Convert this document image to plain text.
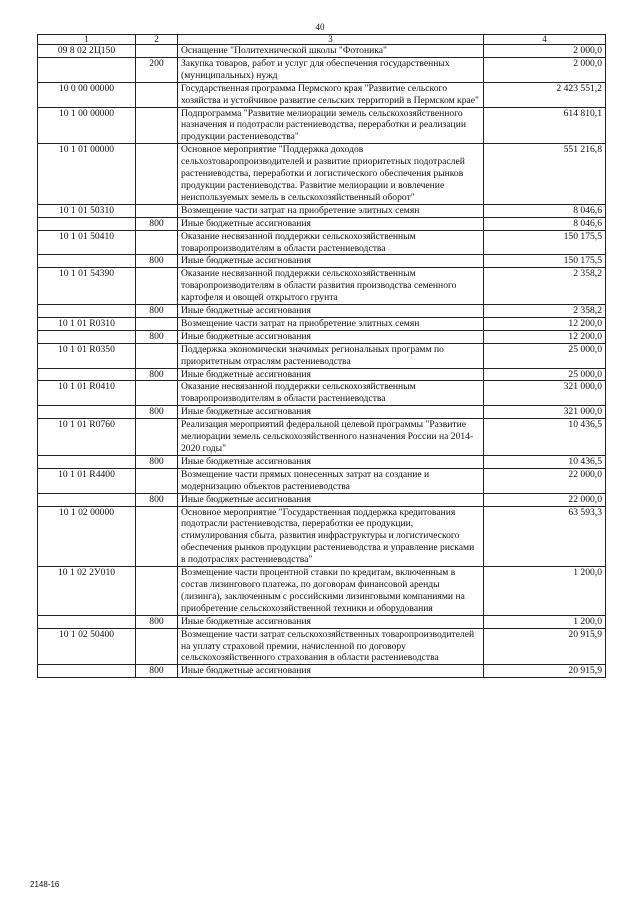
40
1	2	3	4
09 8 02 2Ц150		Оснащение "Политехнической школы "Фотоника"	2 000,0
	200	Закупка товаров, работ и услуг для обеспечения государственных (муниципальных) нужд	2 000,0
10 0 00 00000		Государственная программа Пермского края "Развитие сельского хозяйства и устойчивое развитие сельских территорий в Пермском крае"	2 423 551,2
10 1 00 00000		Подпрограмма "Развитие мелиорации земель сельскохозяйственного назначения и подотрасли растениеводства, переработки и реализации продукции растениеводства"	614 810,1
10 1 01 00000		Основное мероприятие "Поддержка доходов сельхозтоваропроизводителей и развитие приоритетных подотраслей растениеводства, переработки и логистического обеспечения рынков продукции растениеводства. Развитие мелиорации и вовлечение неиспользуемых земель в сельскохозяйственный оборот"	551 216,8
10 1 01 50310		Возмещение части затрат на приобретение элитных семян	8 046,6
	800	Иные бюджетные ассигнования	8 046,6
10 1 01 50410		Оказание несвязанной поддержки сельскохозяйственным товаропроизводителям в области растениеводства	150 175,5
	800	Иные бюджетные ассигнования	150 175,5
10 1 01 54390		Оказание несвязанной поддержки сельскохозяйственным товаропроизводителям в области развития производства семенного картофеля и овощей открытого грунта	2 358,2
	800	Иные бюджетные ассигнования	2 358,2
10 1 01 R0310		Возмещение части затрат на приобретение элитных семян	12 200,0
	800	Иные бюджетные ассигнования	12 200,0
10 1 01 R0350		Поддержка экономически значимых региональных программ по приоритетным отраслям растениеводства	25 000,0
	800	Иные бюджетные ассигнования	25 000,0
10 1 01 R0410		Оказание несвязанной поддержки сельскохозяйственным товаропроизводителям в области растениеводства	321 000,0
	800	Иные бюджетные ассигнования	321 000,0
10 1 01 R0760		Реализация мероприятий федеральной целевой программы "Развитие мелиорации земель сельскохозяйственного назначения России на 2014-2020 годы"	10 436,5
	800	Иные бюджетные ассигнования	10 436,5
10 1 01 R4400		Возмещение части прямых понесенных затрат на создание и модернизацию объектов растениеводства	22 000,0
	800	Иные бюджетные ассигнования	22 000,0
10 1 02 00000		Основное мероприятие "Государственная поддержка кредитования подотрасли растениеводства, переработки ее продукции, стимулирования сбыта, развития инфраструктуры и логистического обеспечения рынков продукции растениеводства и управление рисками в подотраслях растениеводства"	63 593,3
10 1 02 2У010		Возмещение части процентной ставки по кредитам, включенным в состав лизингового платежа, по договорам финансовой аренды (лизинга), заключенным с российскими лизинговыми компаниями на приобретение сельскохозяйственной техники и оборудования	1 200,0
	800	Иные бюджетные ассигнования	1 200,0
10 1 02 50400		Возмещение части затрат сельскохозяйственных товаропроизводителей на уплату страховой премии, начисленной по договору сельскохозяйственного страхования в области растениеводства	20 915,9
	800	Иные бюджетные ассигнования	20 915,9
2148-16
